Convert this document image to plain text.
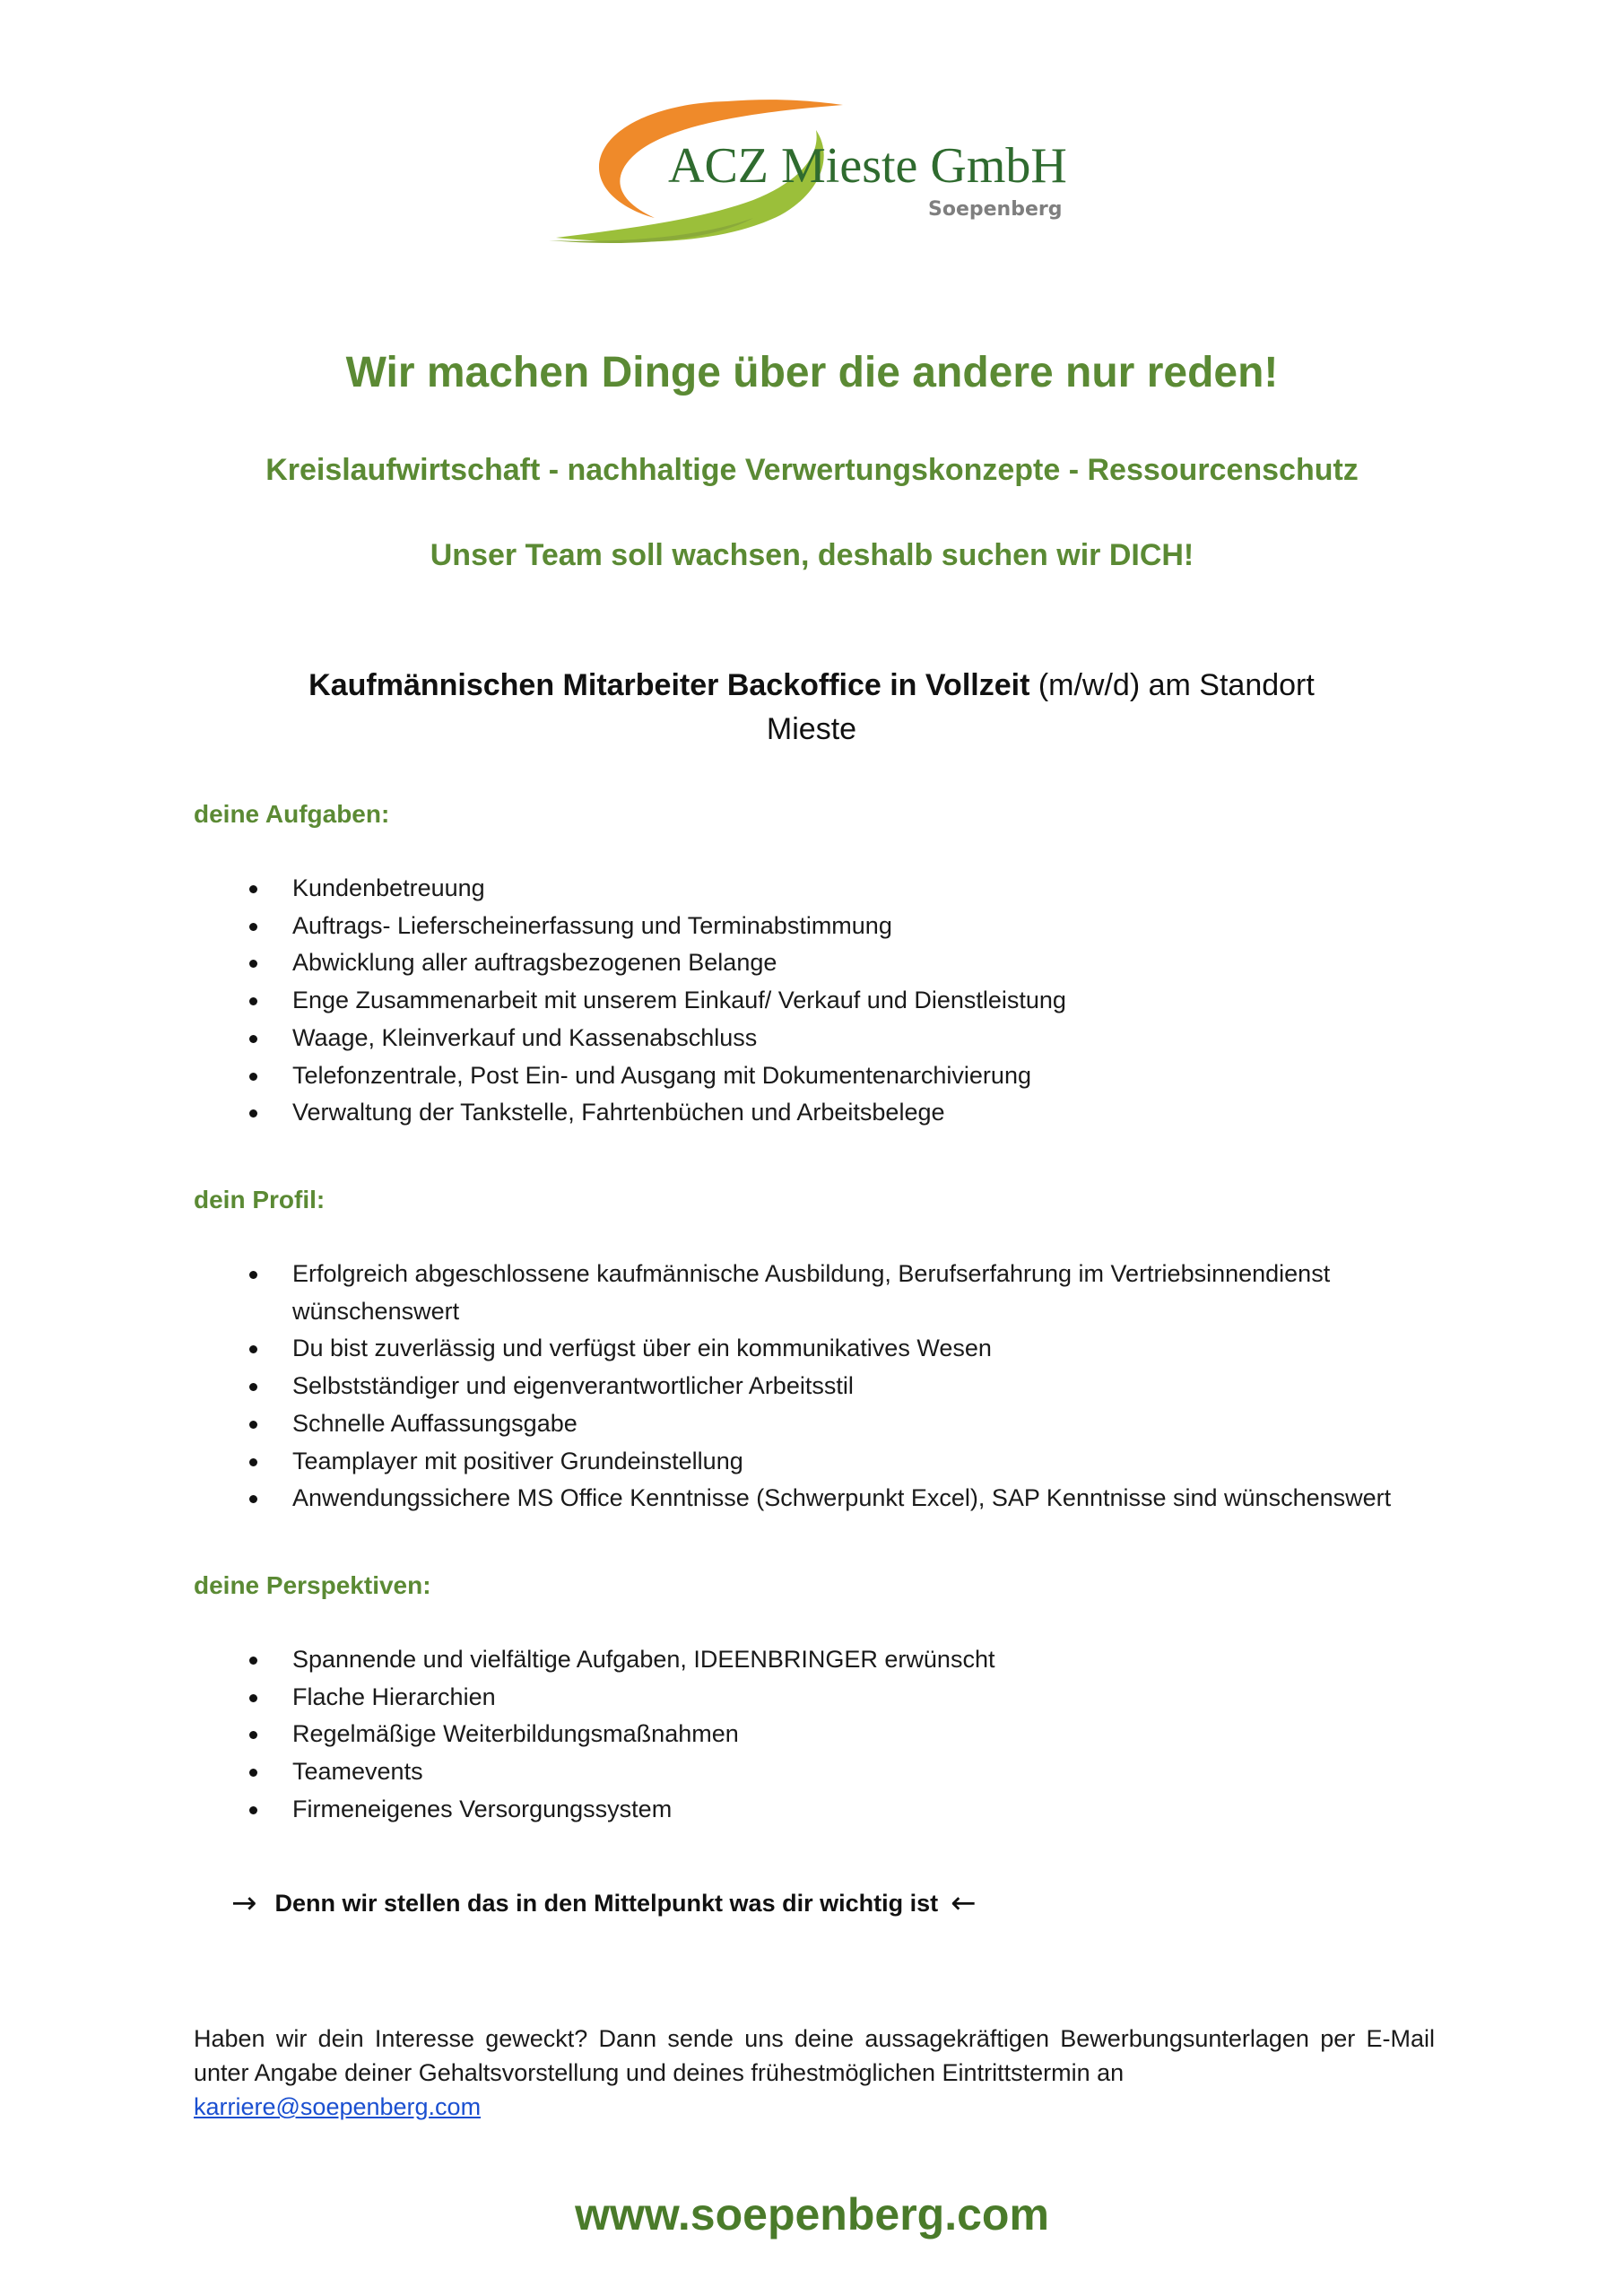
ACZ Mieste GmbH
Soepenberg
Wir machen Dinge über die andere nur reden!
Kreislaufwirtschaft - nachhaltige Verwertungskonzepte - Ressourcenschutz
Unser Team soll wachsen, deshalb suchen wir DICH!
Kaufmännischen Mitarbeiter Backoffice in Vollzeit (m/w/d) am Standort
Mieste
deine Aufgaben:
Kundenbetreuung
Auftrags- Lieferscheinerfassung und Terminabstimmung
Abwicklung aller auftragsbezogenen Belange
Enge Zusammenarbeit mit unserem Einkauf/ Verkauf und Dienstleistung
Waage, Kleinverkauf und Kassenabschluss
Telefonzentrale, Post Ein- und Ausgang mit Dokumentenarchivierung
Verwaltung der Tankstelle, Fahrtenbüchen und Arbeitsbelege
dein Profil:
Erfolgreich abgeschlossene kaufmännische Ausbildung, Berufserfahrung im Vertriebsinnendienst
wünschenswert
Du bist zuverlässig und verfügst über ein kommunikatives Wesen
Selbstständiger und eigenverantwortlicher Arbeitsstil
Schnelle Auffassungsgabe
Teamplayer mit positiver Grundeinstellung
Anwendungssichere MS Office Kenntnisse (Schwerpunkt Excel), SAP Kenntnisse sind wünschenswert
deine Perspektiven:
Spannende und vielfältige Aufgaben, IDEENBRINGER erwünscht
Flache Hierarchien
Regelmäßige Weiterbildungsmaßnahmen
Teamevents
Firmeneigenes Versorgungssystem
→ Denn wir stellen das in den Mittelpunkt was dir wichtig ist ←
Haben wir dein Interesse geweckt? Dann sende uns deine aussagekräftigen Bewerbungsunterlagen per E-Mail unter Angabe deiner Gehaltsvorstellung und deines frühestmöglichen Eintrittstermin an
karriere@soepenberg.com
www.soepenberg.com
